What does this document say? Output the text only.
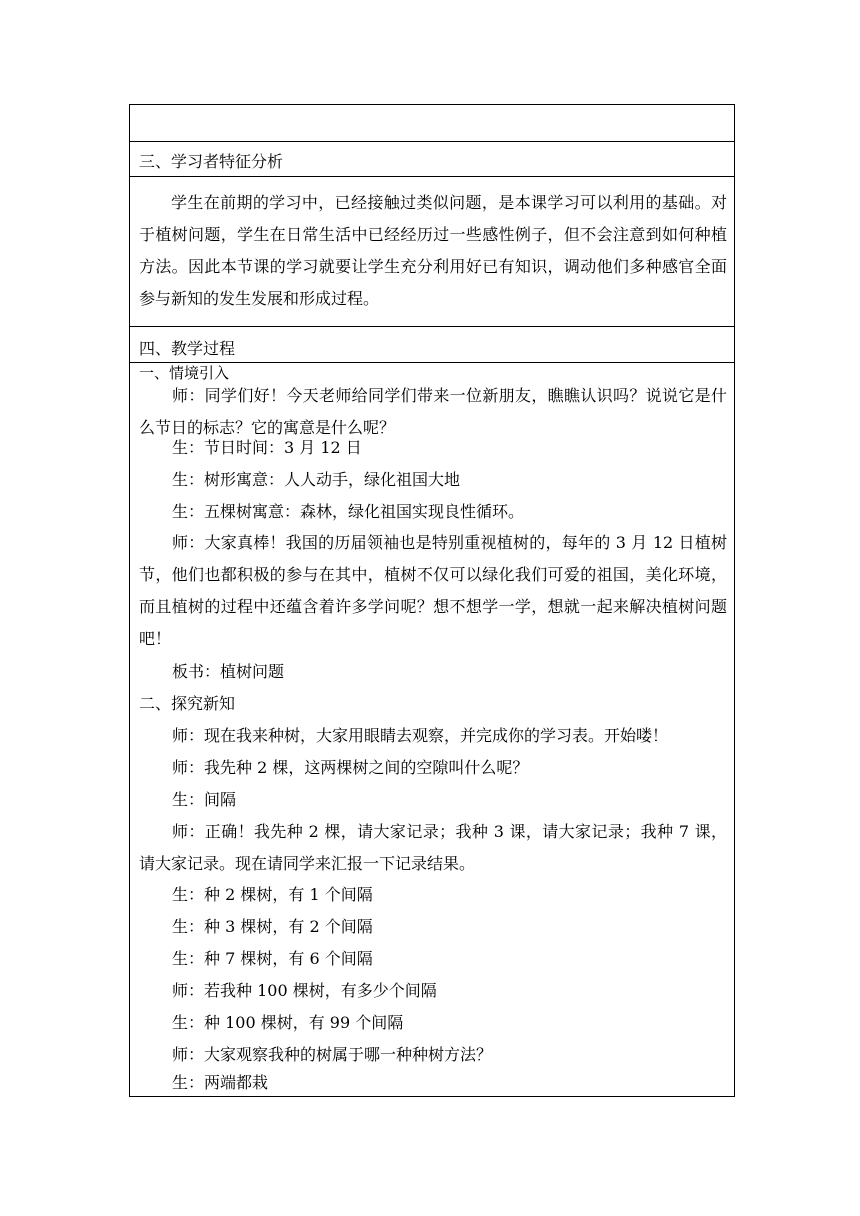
三、学习者特征分析
学生在前期的学习中，已经接触过类似问题，是本课学习可以利用的基础。对于植树问题，学生在日常生活中已经经历过一些感性例子，但不会注意到如何种植方法。因此本节课的学习就要让学生充分利用好已有知识，调动他们多种感官全面参与新知的发生发展和形成过程。
四、教学过程
一、情境引入
师：同学们好！今天老师给同学们带来一位新朋友，瞧瞧认识吗？说说它是什么节日的标志？它的寓意是什么呢？
生：节日时间：3 月 12 日
生：树形寓意：人人动手，绿化祖国大地
生：五棵树寓意：森林，绿化祖国实现良性循环。
师：大家真棒！我国的历届领袖也是特别重视植树的，每年的 3 月 12 日植树节，他们也都积极的参与在其中，植树不仅可以绿化我们可爱的祖国，美化环境，而且植树的过程中还蕴含着许多学问呢？想不想学一学，想就一起来解决植树问题吧！
板书：植树问题
二、探究新知
师：现在我来种树，大家用眼睛去观察，并完成你的学习表。开始喽！
师：我先种 2 棵，这两棵树之间的空隙叫什么呢？
生：间隔
师：正确！我先种 2 棵，请大家记录；我种 3 课，请大家记录；我种 7 课，请大家记录。现在请同学来汇报一下记录结果。
生：种 2 棵树，有 1 个间隔
生：种 3 棵树，有 2 个间隔
生：种 7 棵树，有 6 个间隔
师：若我种 100 棵树，有多少个间隔
生：种 100 棵树，有 99 个间隔
师：大家观察我种的树属于哪一种种树方法？
生：两端都栽
